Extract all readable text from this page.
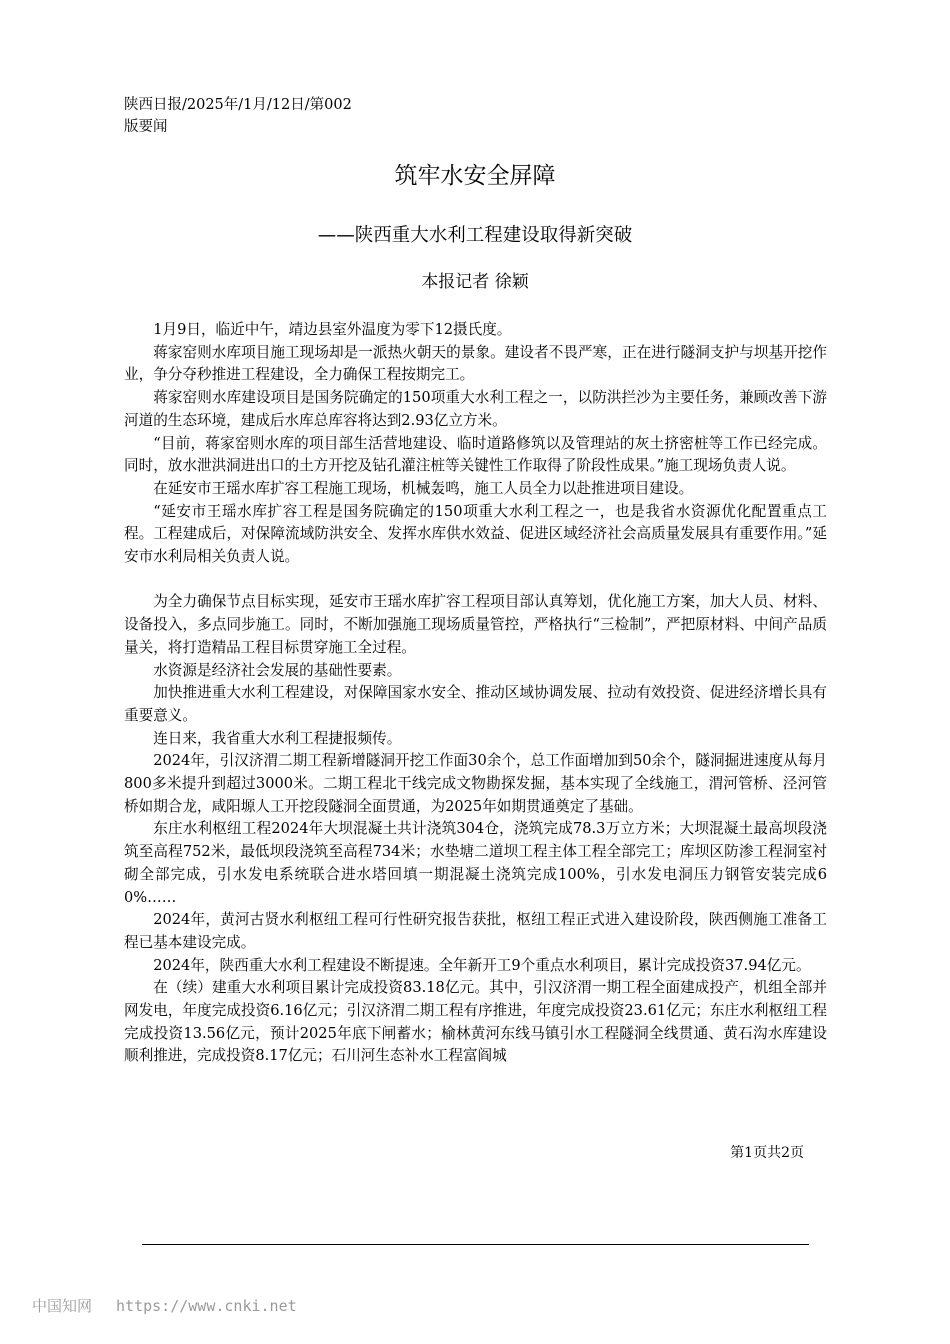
陕西日报/2025年/1月/12日/第002
版要闻
筑牢水安全屏障
——陕西重大水利工程建设取得新突破
本报记者 徐颖

1月9日，临近中午，靖边县室外温度为零下12摄氏度。

蒋家窑则水库项目施工现场却是一派热火朝天的景象。建设者不畏严寒，正在进行隧洞支护与坝基开挖作业，争分夺秒推进工程建设，全力确保工程按期完工。

蒋家窑则水库建设项目是国务院确定的150项重大水利工程之一，以防洪拦沙为主要任务，兼顾改善下游河道的生态环境，建成后水库总库容将达到2.93亿立方米。

“目前，蒋家窑则水库的项目部生活营地建设、临时道路修筑以及管理站的灰土挤密桩等工作已经完成。同时，放水泄洪洞进出口的土方开挖及钻孔灌注桩等关键性工作取得了阶段性成果。”施工现场负责人说。

在延安市王瑶水库扩容工程施工现场，机械轰鸣，施工人员全力以赴推进项目建设。

“延安市王瑶水库扩容工程是国务院确定的150项重大水利工程之一，也是我省水资源优化配置重点工程。工程建成后，对保障流域防洪安全、发挥水库供水效益、促进区域经济社会高质量发展具有重要作用。”延安市水利局相关负责人说。

为全力确保节点目标实现，延安市王瑶水库扩容工程项目部认真筹划，优化施工方案，加大人员、材料、设备投入，多点同步施工。同时，不断加强施工现场质量管控，严格执行“三检制”，严把原材料、中间产品质量关，将打造精品工程目标贯穿施工全过程。

水资源是经济社会发展的基础性要素。

加快推进重大水利工程建设，对保障国家水安全、推动区域协调发展、拉动有效投资、促进经济增长具有重要意义。

连日来，我省重大水利工程捷报频传。

2024年，引汉济渭二期工程新增隧洞开挖工作面30余个，总工作面增加到50余个，隧洞掘进速度从每月800多米提升到超过3000米。二期工程北干线完成文物勘探发掘，基本实现了全线施工，渭河管桥、泾河管桥如期合龙，咸阳塬人工开挖段隧洞全面贯通，为2025年如期贯通奠定了基础。

东庄水利枢纽工程2024年大坝混凝土共计浇筑304仓，浇筑完成78.3万立方米；大坝混凝土最高坝段浇筑至高程752米，最低坝段浇筑至高程734米；水垫塘二道坝工程主体工程全部完工；库坝区防渗工程洞室衬砌全部完成，引水发电系统联合进水塔回填一期混凝土浇筑完成100%，引水发电洞压力钢管安装完成60%……

2024年，黄河古贤水利枢纽工程可行性研究报告获批，枢纽工程正式进入建设阶段，陕西侧施工准备工程已基本建设完成。

2024年，陕西重大水利工程建设不断提速。全年新开工9个重点水利项目，累计完成投资37.94亿元。

在（续）建重大水利项目累计完成投资83.18亿元。其中，引汉济渭一期工程全面建成投产，机组全部并网发电，年度完成投资6.16亿元；引汉济渭二期工程有序推进，年度完成投资23.61亿元；东庄水利枢纽工程完成投资13.56亿元，预计2025年底下闸蓄水；榆林黄河东线马镇引水工程隧洞全线贯通、黄石沟水库建设顺利推进，完成投资8.17亿元；石川河生态补水工程富阎城

第1页共2页
中国知网 https://www.cnki.net
